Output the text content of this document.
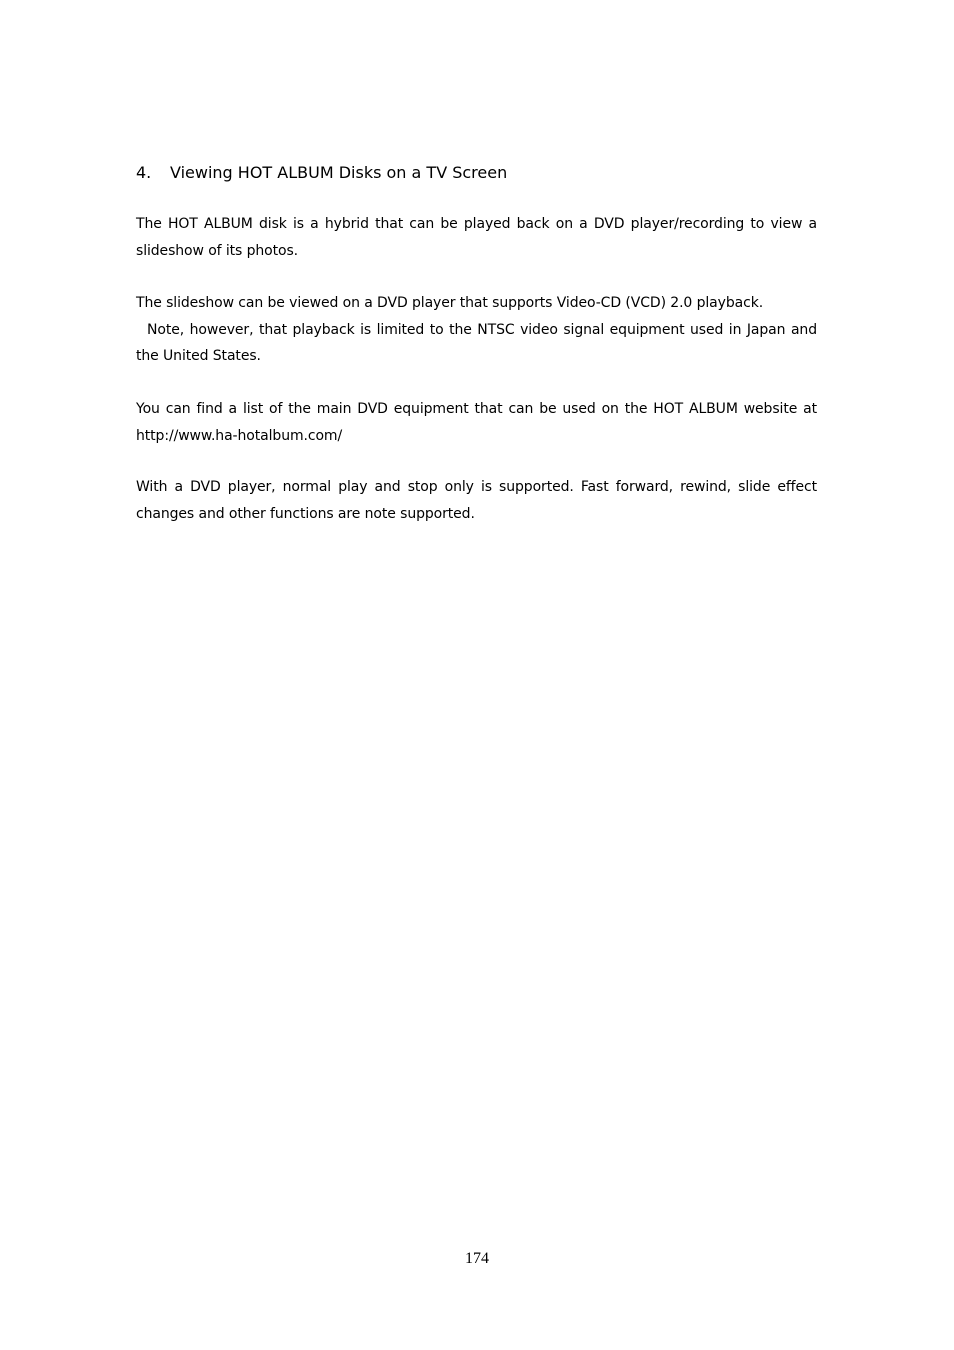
4. Viewing HOT ALBUM Disks on a TV Screen

The HOT ALBUM disk is a hybrid that can be played back on a DVD player/recording to view a
slideshow of its photos.

The slideshow can be viewed on a DVD player that supports Video-CD (VCD) 2.0 playback.
Note, however, that playback is limited to the NTSC video signal equipment used in Japan and
the United States.

You can find a list of the main DVD equipment that can be used on the HOT ALBUM website at
http://www.ha-hotalbum.com/

With a DVD player, normal play and stop only is supported. Fast forward, rewind, slide effect
changes and other functions are note supported.

174
